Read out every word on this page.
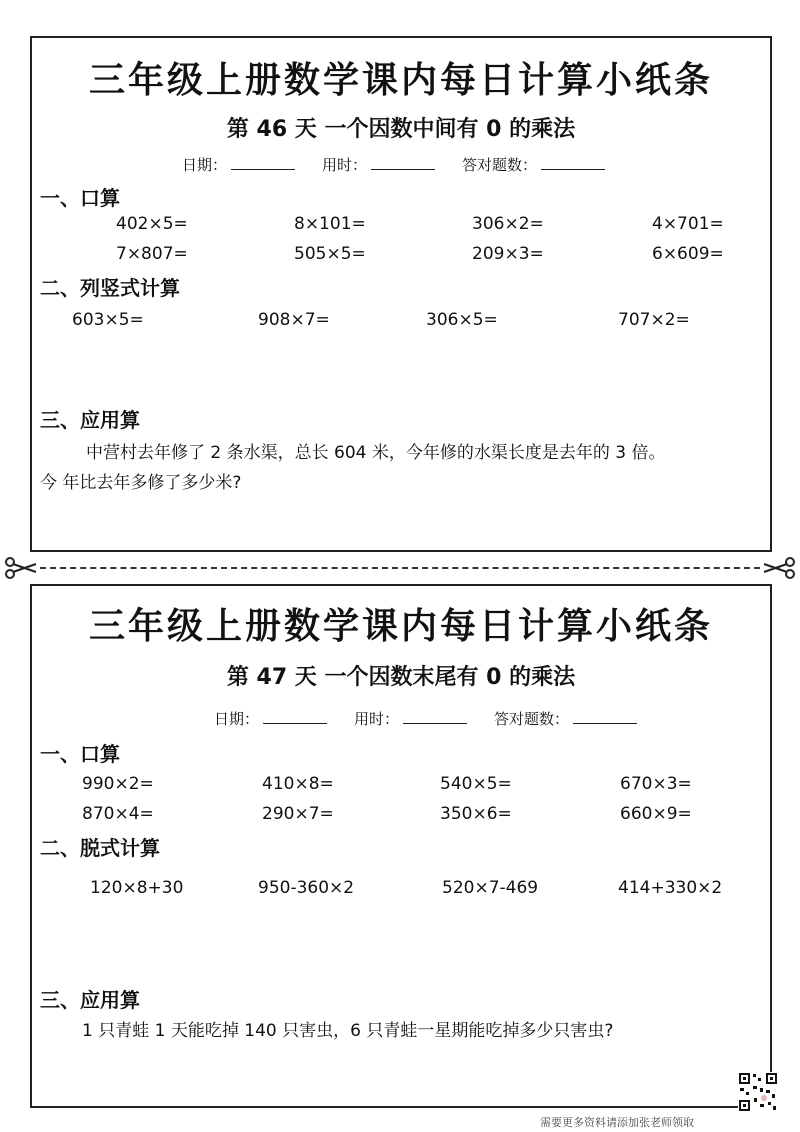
三年级上册数学课内每日计算小纸条
第 46 天 一个因数中间有 0 的乘法
日期：	用时：	答对题数：
一、口算
402×5=	8×101=	306×2=	4×701=
7×807=	505×5=	209×3=	6×609=
二、列竖式计算
603×5=	908×7=	306×5=	707×2=
三、应用算
中营村去年修了 2 条水渠，总长 604 米，今年修的水渠长度是去年的 3 倍。
今 年比去年多修了多少米?
三年级上册数学课内每日计算小纸条
第 47 天 一个因数末尾有 0 的乘法
日期：	用时：	答对题数：
一、口算
990×2=	410×8=	540×5=	670×3=
870×4=	290×7=	350×6=	660×9=
二、脱式计算
120×8+30	950-360×2	520×7-469	414+330×2
三、应用算
1 只青蛙 1 天能吃掉 140 只害虫，6 只青蛙一星期能吃掉多少只害虫?
需要更多资料请添加张老师领取
